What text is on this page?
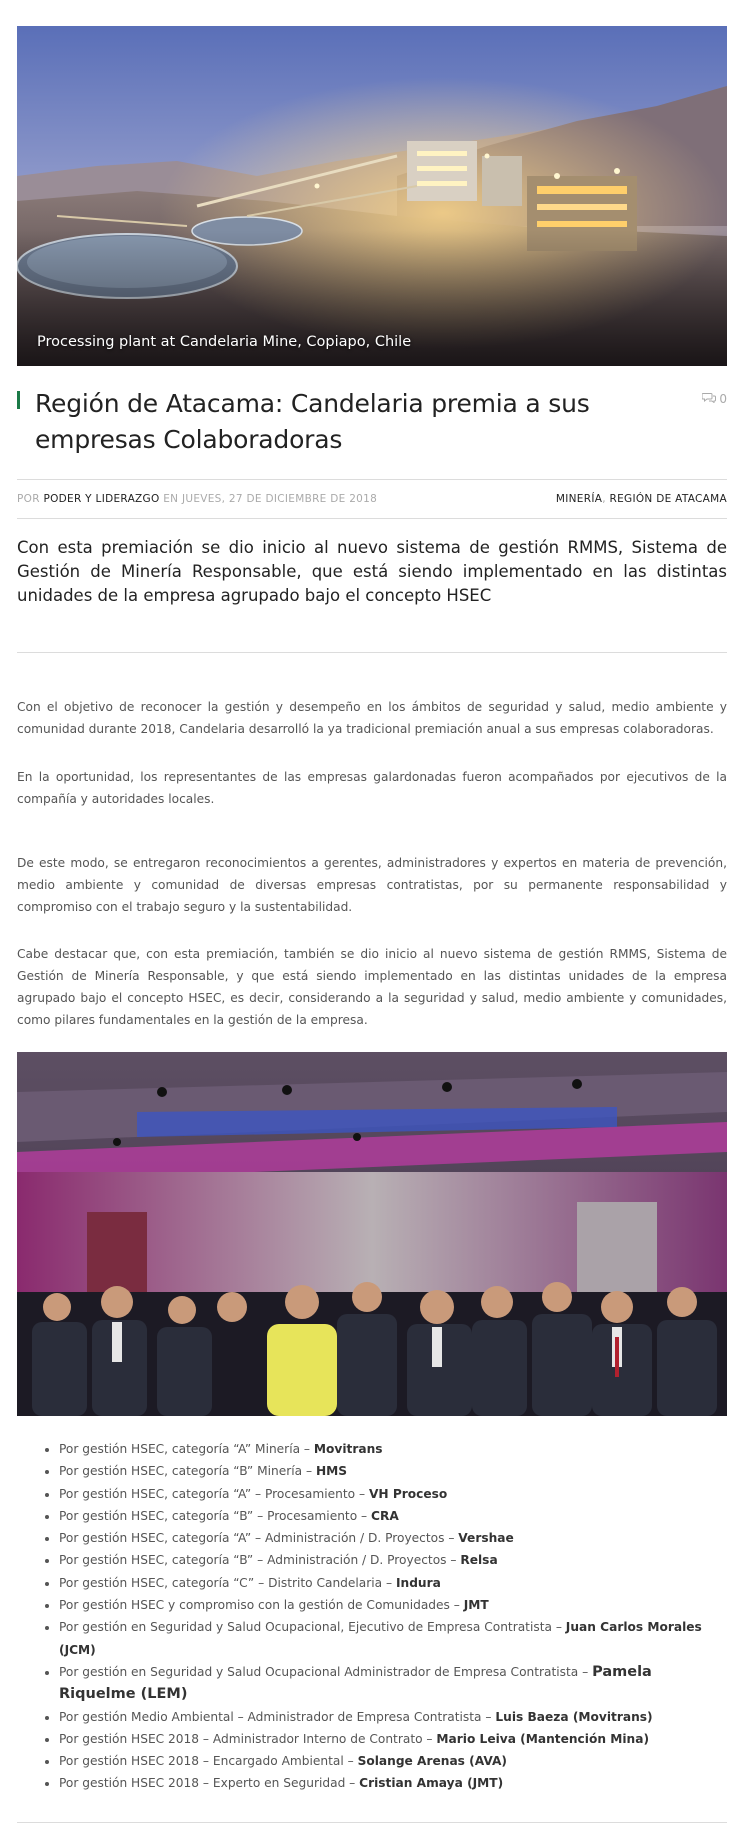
Processing plant at Candelaria Mine, Copiapo, Chile
Región de Atacama: Candelaria premia a sus empresas Colaboradoras
0
POR PODER Y LIDERAZGO EN JUEVES, 27 DE DICIEMBRE DE 2018	MINERÍA, REGIÓN DE ATACAMA

Con esta premiación se dio inicio al nuevo sistema de gestión RMMS, Sistema de Gestión de Minería Responsable, que está siendo implementado en las distintas unidades de la empresa agrupado bajo el concepto HSEC

Con el objetivo de reconocer la gestión y desempeño en los ámbitos de seguridad y salud, medio ambiente y comunidad durante 2018, Candelaria desarrolló la ya tradicional premiación anual a sus empresas colaboradoras.

En la oportunidad, los representantes de las empresas galardonadas fueron acompañados por ejecutivos de la compañía y autoridades locales.

De este modo, se entregaron reconocimientos a gerentes, administradores y expertos en materia de prevención, medio ambiente y comunidad de diversas empresas contratistas, por su permanente responsabilidad y compromiso con el trabajo seguro y la sustentabilidad.

Cabe destacar que, con esta premiación, también se dio inicio al nuevo sistema de gestión RMMS, Sistema de Gestión de Minería Responsable, y que está siendo implementado en las distintas unidades de la empresa agrupado bajo el concepto HSEC, es decir, considerando a la seguridad y salud, medio ambiente y comunidades, como pilares fundamentales en la gestión de la empresa.

• Por gestión HSEC, categoría “A” Minería – Movitrans
• Por gestión HSEC, categoría “B” Minería – HMS
• Por gestión HSEC, categoría “A” – Procesamiento – VH Proceso
• Por gestión HSEC, categoría “B” – Procesamiento – CRA
• Por gestión HSEC, categoría “A” – Administración / D. Proyectos – Vershae
• Por gestión HSEC, categoría “B” – Administración / D. Proyectos – Relsa
• Por gestión HSEC, categoría “C” – Distrito Candelaria – Indura
• Por gestión HSEC y compromiso con la gestión de Comunidades – JMT
• Por gestión en Seguridad y Salud Ocupacional, Ejecutivo de Empresa Contratista – Juan Carlos Morales (JCM)
• Por gestión en Seguridad y Salud Ocupacional Administrador de Empresa Contratista – Pamela Riquelme (LEM)
• Por gestión Medio Ambiental – Administrador de Empresa Contratista – Luis Baeza (Movitrans)
• Por gestión HSEC 2018 – Administrador Interno de Contrato – Mario Leiva (Mantención Mina)
• Por gestión HSEC 2018 – Encargado Ambiental – Solange Arenas (AVA)
• Por gestión HSEC 2018 – Experto en Seguridad – Cristian Amaya (JMT)
